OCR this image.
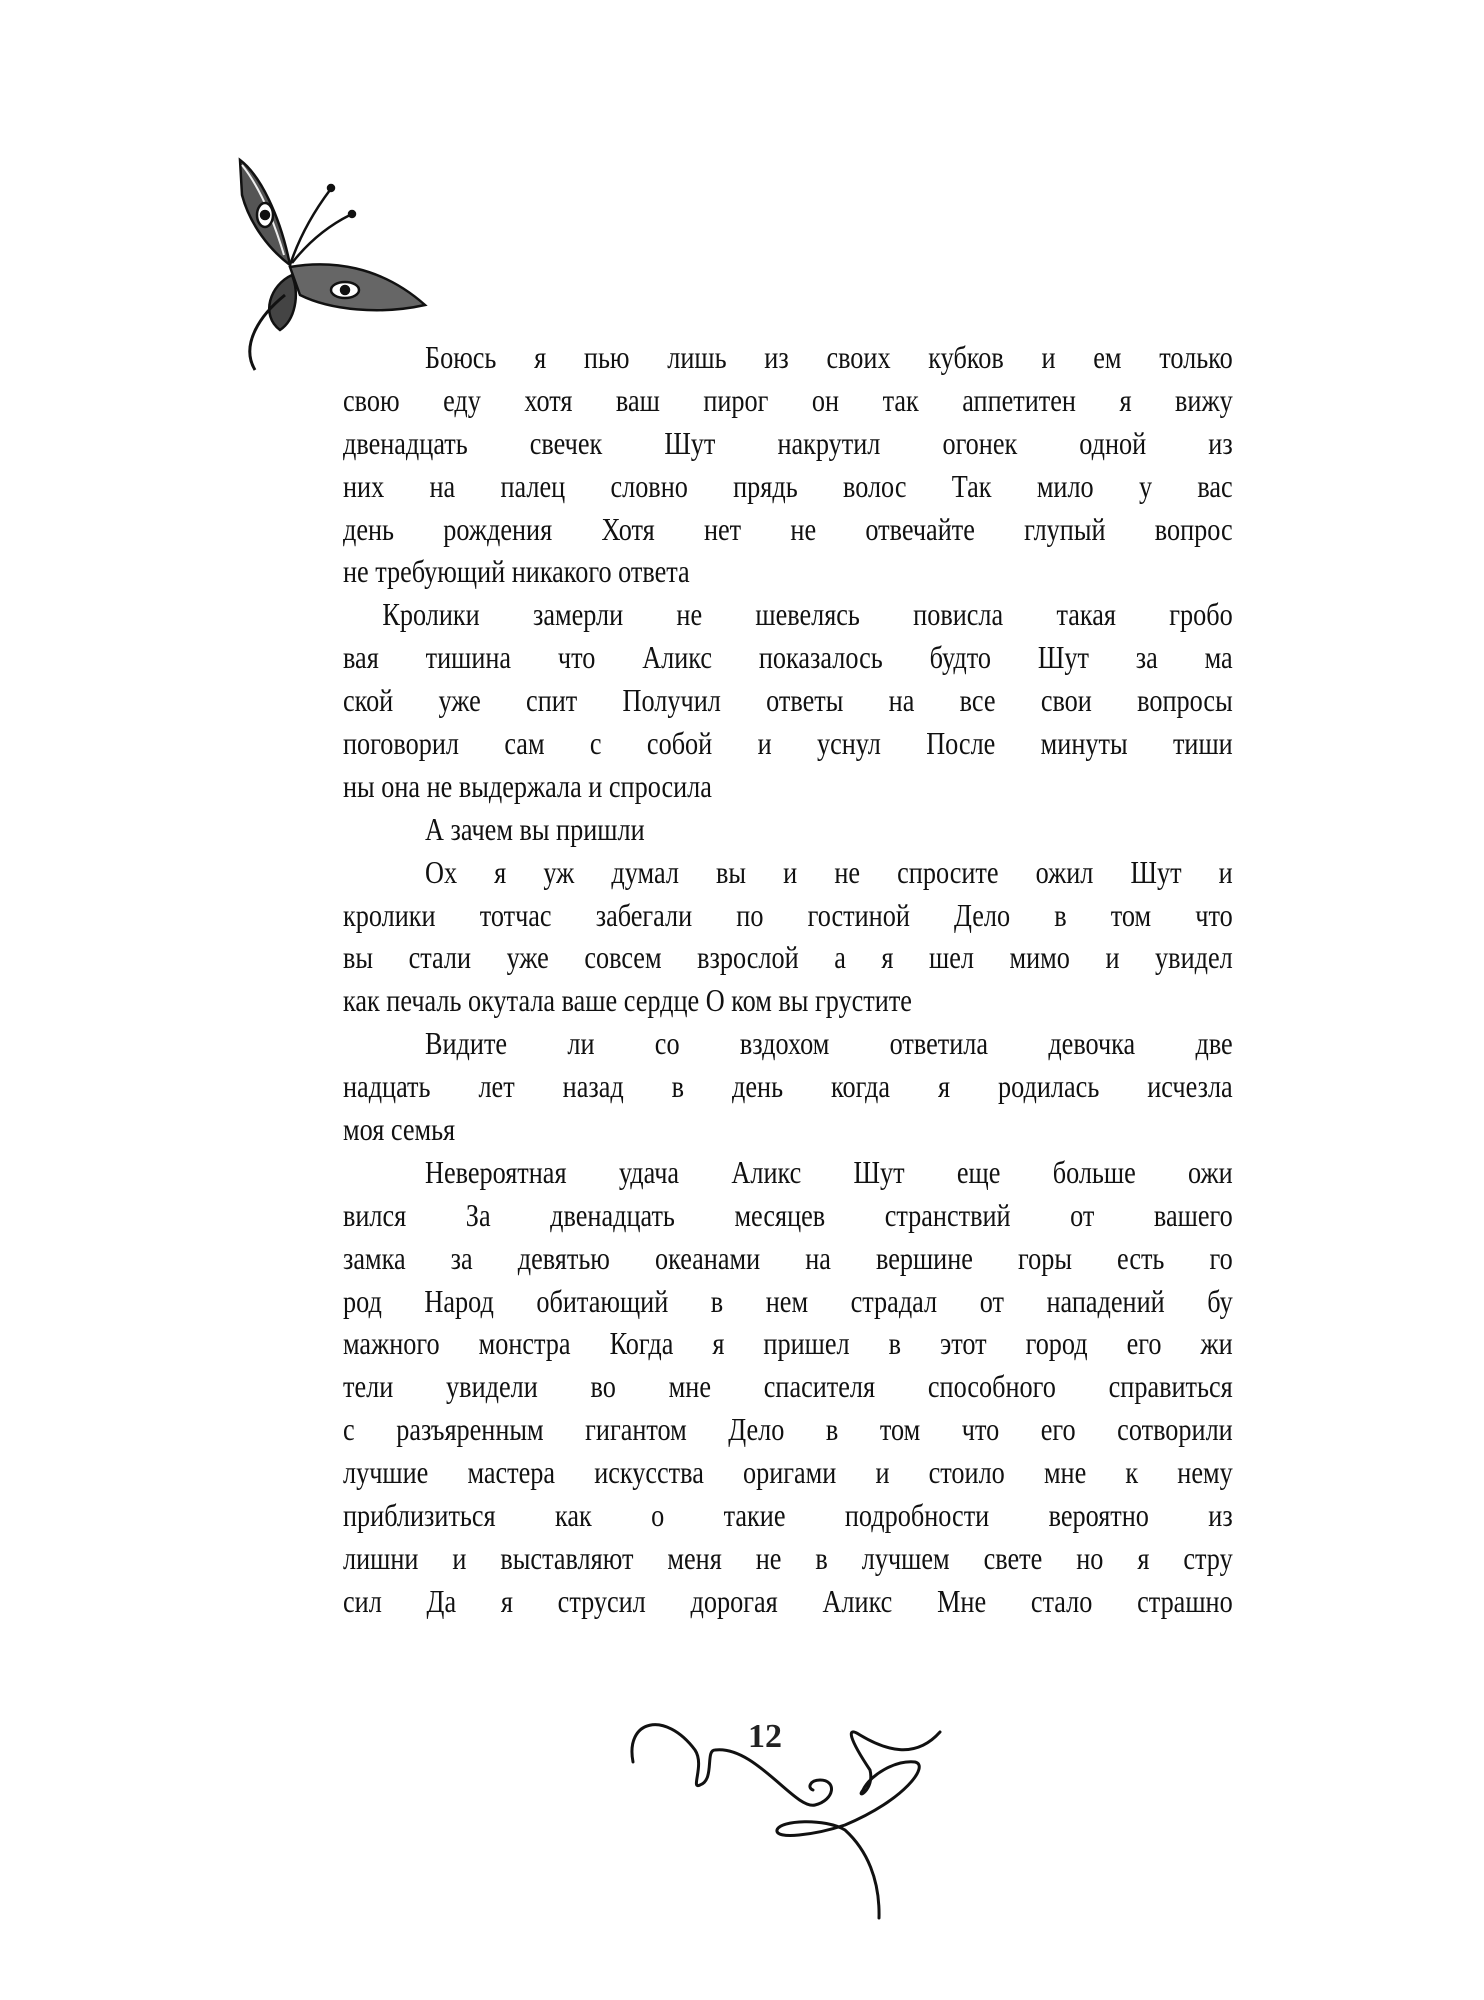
Боюсь я пью лишь из своих кубков и ем только
свою еду хотя ваш пирог он так аппетитен я вижу
двенадцать свечек Шут накрутил огонек одной из
них на палец словно прядь волос Так мило у вас
день рождения Хотя нет не отвечайте глупый вопрос
не требующий никакого ответа
Кролики замерли не шевелясь повисла такая гробо
вая тишина что Аликс показалось будто Шут за ма
ской уже спит Получил ответы на все свои вопросы
поговорил сам с собой и уснул После минуты тиши
ны она не выдержала и спросила
А зачем вы пришли
Ох я уж думал вы и не спросите ожил Шут и
кролики тотчас забегали по гостиной Дело в том что
вы стали уже совсем взрослой а я шел мимо и увидел
как печаль окутала ваше сердце О ком вы грустите
Видите ли со вздохом ответила девочка две
надцать лет назад в день когда я родилась исчезла
моя семья
Невероятная удача Аликс Шут еще больше ожи
вился За двенадцать месяцев странствий от вашего
замка за девятью океанами на вершине горы есть го
род Народ обитающий в нем страдал от нападений бу
мажного монстра Когда я пришел в этот город его жи
тели увидели во мне спасителя способного справиться
с разъяренным гигантом Дело в том что его сотворили
лучшие мастера искусства оригами и стоило мне к нему
приблизиться как о такие подробности вероятно из
лишни и выставляют меня не в лучшем свете но я стру
сил Да я струсил дорогая Аликс Мне стало страшно
12
